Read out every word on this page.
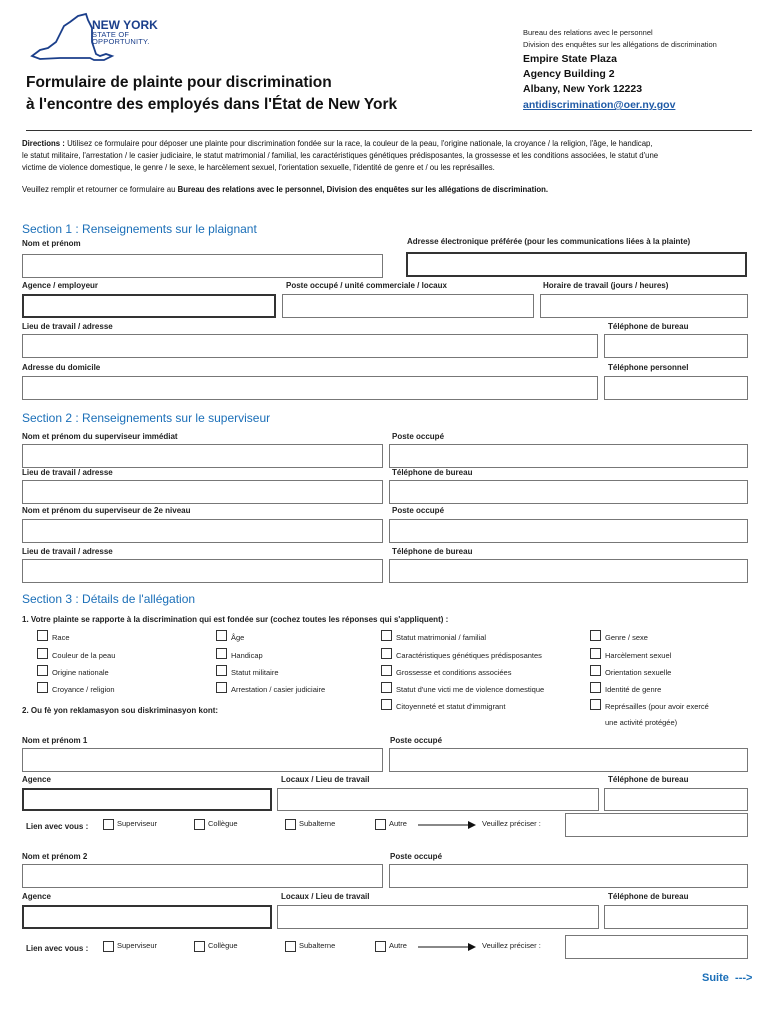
NEW YORK
STATE OF
OPPORTUNITY.
Bureau des relations avec le personnel
Division des enquêtes sur les allégations de discrimination
Empire State Plaza
Agency Building 2
Albany, New York 12223
antidiscrimination@oer.ny.gov
Formulaire de plainte pour discrimination
à l'encontre des employés dans l'État de New York
Directions : Utilisez ce formulaire pour déposer une plainte pour discrimination fondée sur la race, la couleur de la peau, l'origine nationale, la croyance / la religion, l'âge, le handicap,
le statut militaire, l'arrestation / le casier judiciaire, le statut matrimonial / familial, les caractéristiques génétiques prédisposantes, la grossesse et les conditions associées, le statut d'une
victime de violence domestique, le genre / le sexe, le harcèlement sexuel, l'orientation sexuelle, l'identité de genre et / ou les représailles.
Veuillez remplir et retourner ce formulaire au Bureau des relations avec le personnel, Division des enquêtes sur les allégations de discrimination.
Section 1 : Renseignements sur le plaignant
Nom et prénom	Adresse électronique préférée (pour les communications liées à la plainte)
Agence / employeur	Poste occupé / unité commerciale / locaux	Horaire de travail (jours / heures)
Lieu de travail / adresse	Téléphone de bureau
Adresse du domicile	Téléphone personnel
Section 2 : Renseignements sur le superviseur
Nom et prénom du superviseur immédiat	Poste occupé
Lieu de travail / adresse	Téléphone de bureau
Nom et prénom du superviseur de 2e niveau	Poste occupé
Lieu de travail / adresse	Téléphone de bureau
Section 3 : Détails de l'allégation
1. Votre plainte se rapporte à la discrimination qui est fondée sur (cochez toutes les réponses qui s'appliquent) :
Race
Couleur de la peau
Origine nationale
Croyance / religion
Âge
Handicap
Statut militaire
Arrestation / casier judiciaire
Statut matrimonial / familial
Caractéristiques génétiques prédisposantes
Grossesse et conditions associées
Statut d'une victi me de violence domestique
Citoyenneté et statut d'immigrant
Genre / sexe
Harcèlement sexuel
Orientation sexuelle
Identité de genre
Représailles (pour avoir exercé
une activité protégée)
2. Ou fè yon reklamasyon sou diskriminasyon kont:
Nom et prénom 1	Poste occupé
Agence	Locaux / Lieu de travail	Téléphone de bureau
Lien avec vous :	Superviseur	Collègue	Subalterne	Autre	Veuillez préciser :
Nom et prénom 2	Poste occupé
Agence	Locaux / Lieu de travail	Téléphone de bureau
Lien avec vous :	Superviseur	Collègue	Subalterne	Autre	Veuillez préciser :
Suite --->
